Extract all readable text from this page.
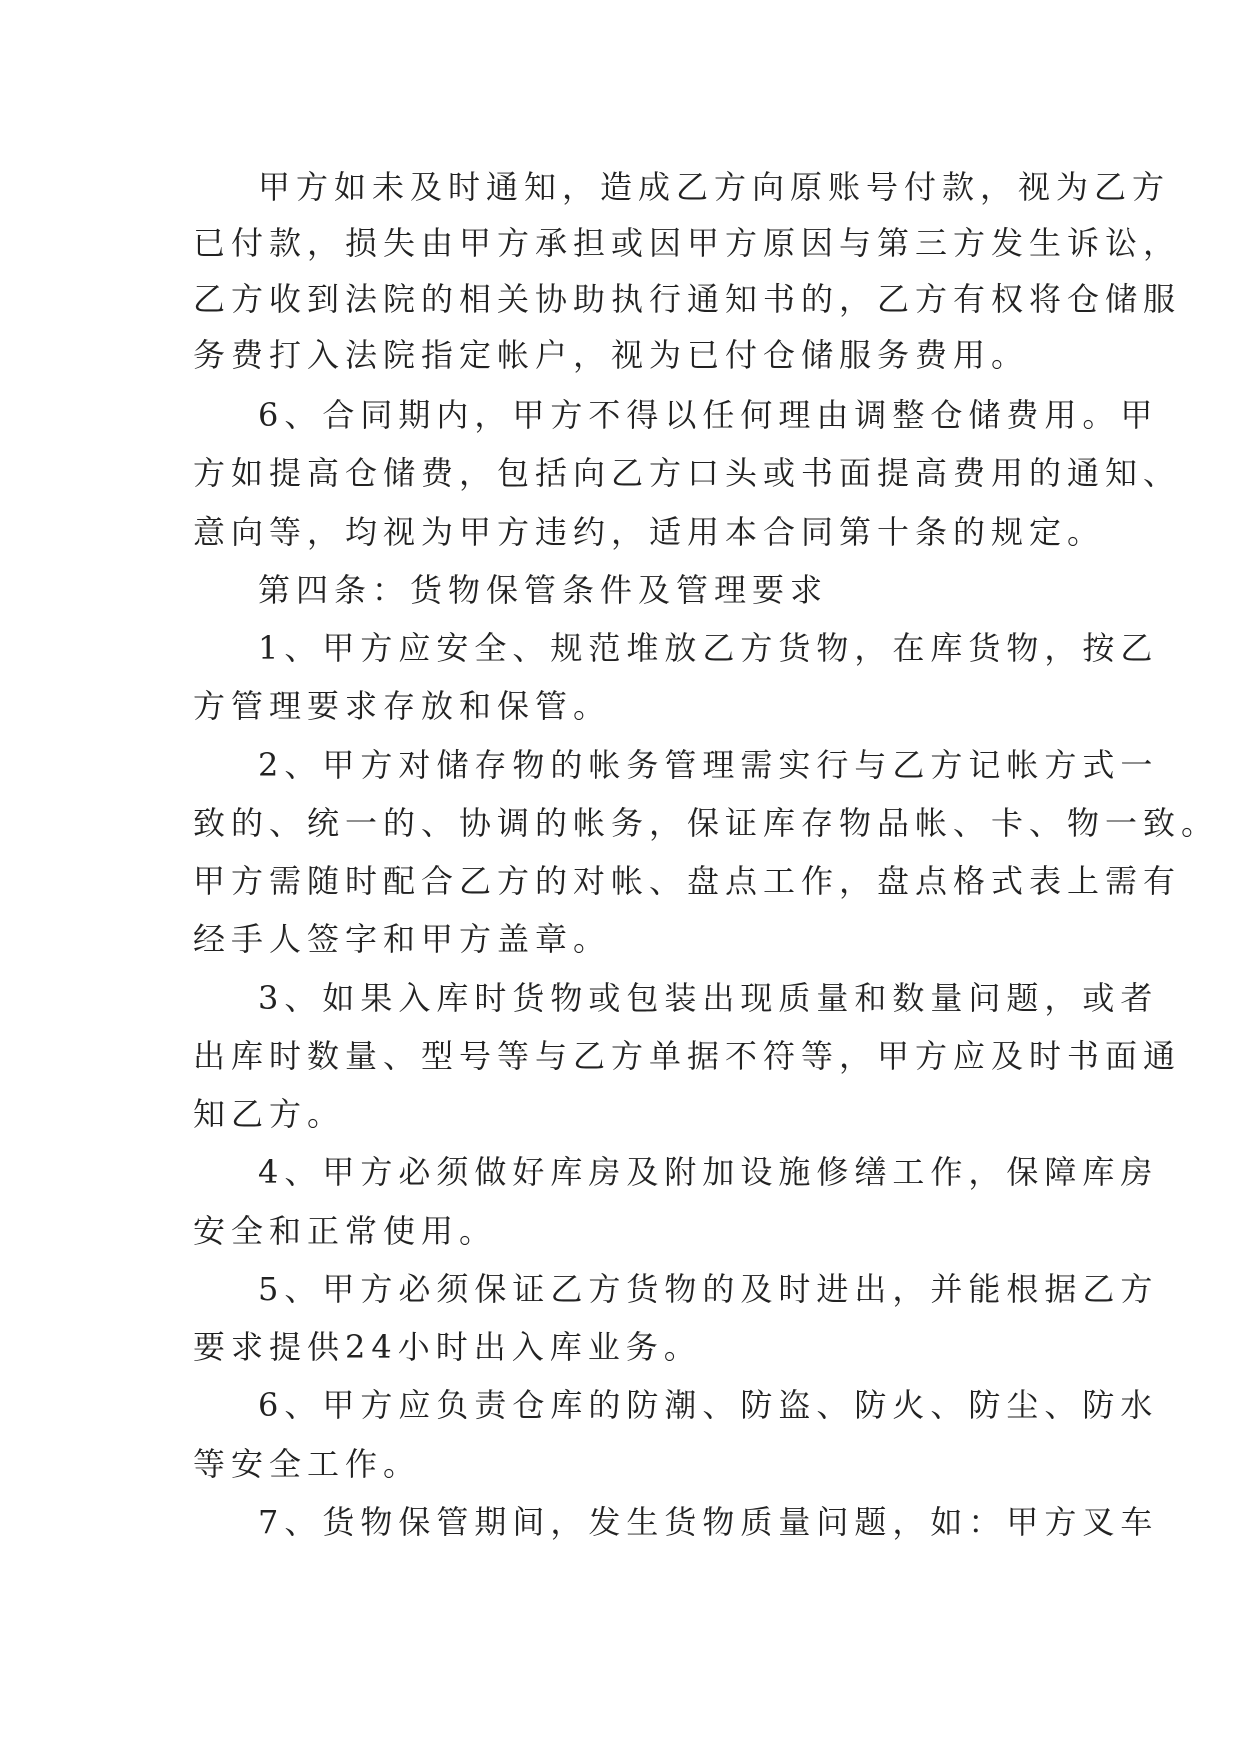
甲方如未及时通知，造成乙方向原账号付款，视为乙方
已付款，损失由甲方承担或因甲方原因与第三方发生诉讼，
乙方收到法院的相关协助执行通知书的，乙方有权将仓储服
务费打入法院指定帐户，视为已付仓储服务费用。
6、合同期内，甲方不得以任何理由调整仓储费用。甲
方如提高仓储费，包括向乙方口头或书面提高费用的通知、
意向等，均视为甲方违约，适用本合同第十条的规定。
第四条：货物保管条件及管理要求
1、甲方应安全、规范堆放乙方货物，在库货物，按乙
方管理要求存放和保管。
2、甲方对储存物的帐务管理需实行与乙方记帐方式一
致的、统一的、协调的帐务，保证库存物品帐、卡、物一致。
甲方需随时配合乙方的对帐、盘点工作，盘点格式表上需有
经手人签字和甲方盖章。
3、如果入库时货物或包装出现质量和数量问题，或者
出库时数量、型号等与乙方单据不符等，甲方应及时书面通
知乙方。
4、甲方必须做好库房及附加设施修缮工作，保障库房
安全和正常使用。
5、甲方必须保证乙方货物的及时进出，并能根据乙方
要求提供24小时出入库业务。
6、甲方应负责仓库的防潮、防盗、防火、防尘、防水
等安全工作。
7、货物保管期间，发生货物质量问题，如：甲方叉车
